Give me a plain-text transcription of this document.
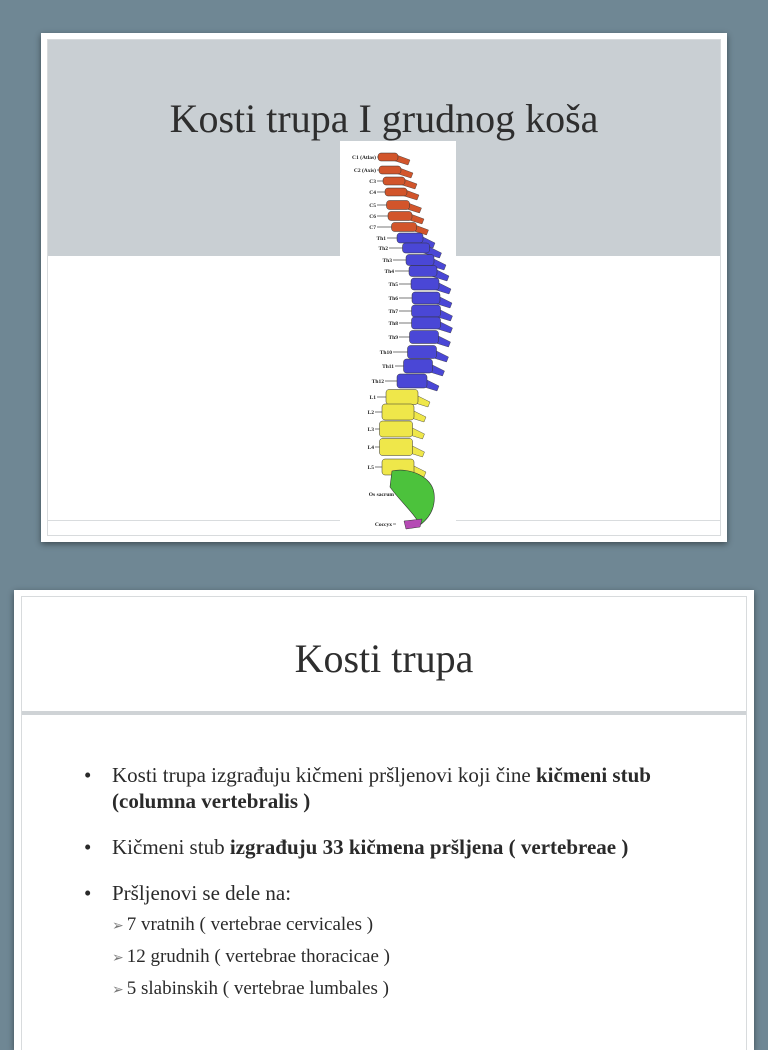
Kosti trupa I grudnog koša
C1 (Atlas)
C2 (Axis)
C3
C4
C5
C6
C7
Th1
Th2
Th3
Th4
Th5
Th6
Th7
Th8
Th9
Th10
Th11
Th12
L1
L2
L3
L4
L5
Os sacrum
Coccyx
Kosti trupa
• Kosti trupa izgrađuju kičmeni pršljenovi koji čine kičmeni stub (columna vertebralis )
• Kičmeni stub izgrađuju 33 kičmena pršljena ( vertebreae )
• Pršljenovi se dele na:
➢ 7 vratnih ( vertebrae cervicales )
➢ 12 grudnih ( vertebrae thoracicae )
➢ 5 slabinskih ( vertebrae lumbales )
